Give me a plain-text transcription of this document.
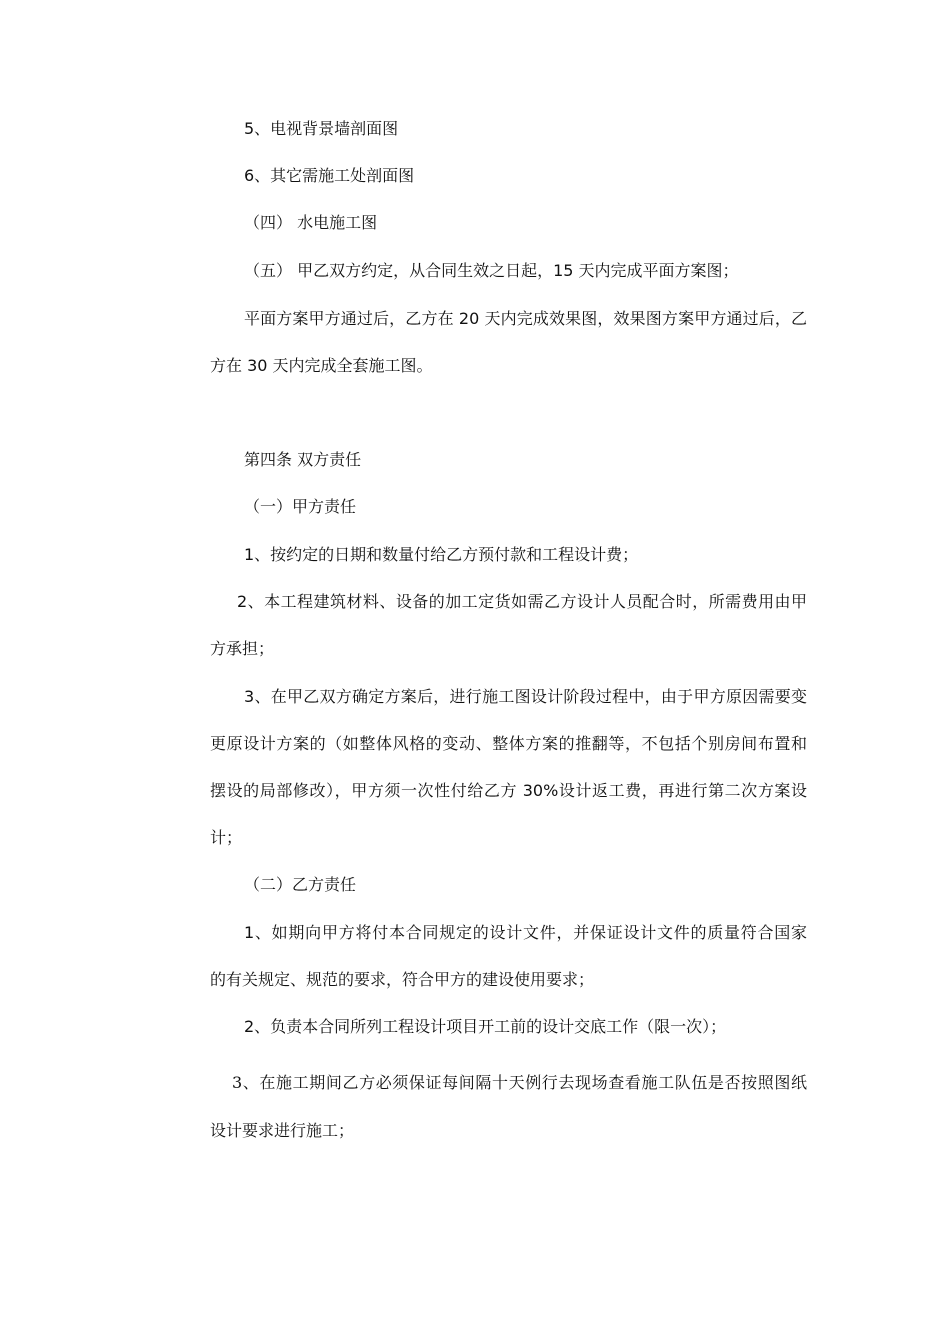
5、电视背景墙剖面图
6、其它需施工处剖面图
（四） 水电施工图
（五） 甲乙双方约定，从合同生效之日起，15 天内完成平面方案图；
平面方案甲方通过后，乙方在 20 天内完成效果图，效果图方案甲方通过后，乙
方在 30 天内完成全套施工图。
第四条 双方责任
（一）甲方责任
1、按约定的日期和数量付给乙方预付款和工程设计费；
2、本工程建筑材料、设备的加工定货如需乙方设计人员配合时，所需费用由甲
方承担；
3、在甲乙双方确定方案后，进行施工图设计阶段过程中，由于甲方原因需要变
更原设计方案的（如整体风格的变动、整体方案的推翻等，不包括个别房间布置和
摆设的局部修改），甲方须一次性付给乙方 30%设计返工费，再进行第二次方案设
计；
（二）乙方责任
1、如期向甲方将付本合同规定的设计文件，并保证设计文件的质量符合国家
的有关规定、规范的要求，符合甲方的建设使用要求；
2、负责本合同所列工程设计项目开工前的设计交底工作（限一次）；
3、在施工期间乙方必须保证每间隔十天例行去现场查看施工队伍是否按照图纸
设计要求进行施工；
